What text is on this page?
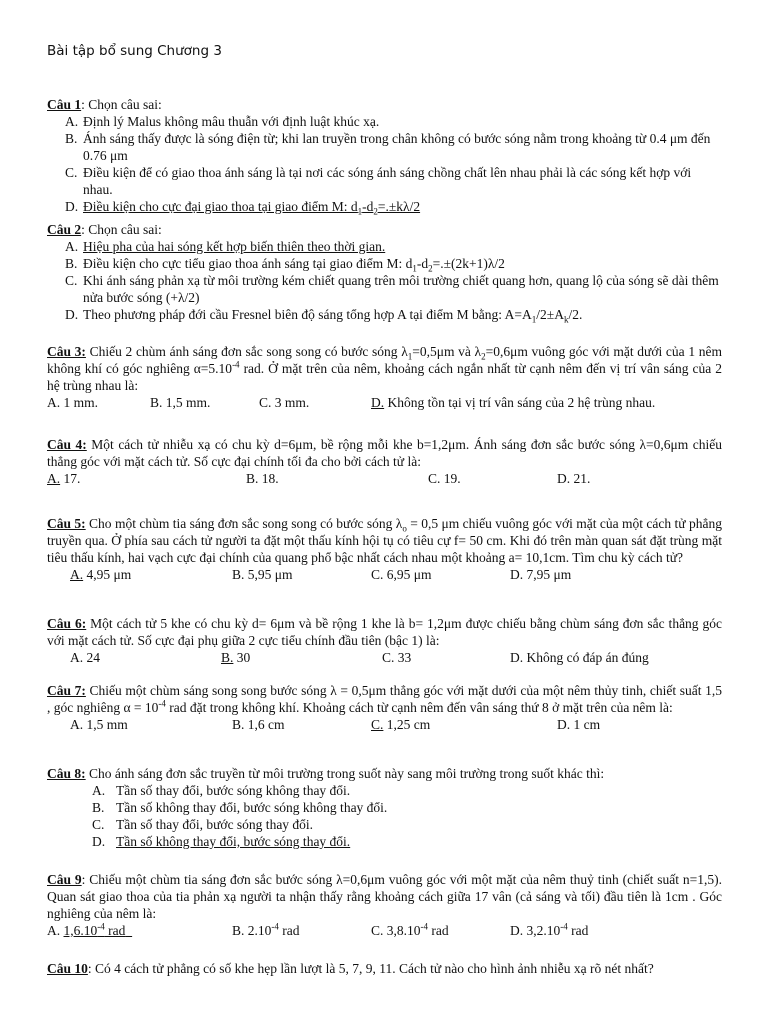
Bài tập bổ sung Chương 3
Câu 1: Chọn câu sai:
A. Định lý Malus không mâu thuẫn với định luật khúc xạ.
B. Ánh sáng thấy được là sóng điện từ; khi lan truyền trong chân không có bước sóng nằm trong khoảng từ 0.4 μm đến 0.76 μm
C. Điều kiện để có giao thoa ánh sáng là tại nơi các sóng ánh sáng chồng chất lên nhau phải là các sóng kết hợp với nhau.
D. Điều kiện cho cực đại giao thoa tại giao điểm M: $d_1-d_2=.\pm k\lambda/2$
Câu 2: Chọn câu sai:
A. Hiệu pha của hai sóng kết hợp biến thiên theo thời gian.
B. Điều kiện cho cực tiểu giao thoa ánh sáng tại giao điểm M: $d_1-d_2=.\pm(2k+1)\lambda/2$
C. Khi ánh sáng phản xạ từ môi trường kém chiết quang trên môi trường chiết quang hơn, quang lộ của sóng sẽ dài thêm nửa bước sóng (+λ/2)
D. Theo phương pháp đới cầu Fresnel biên độ sáng tổng hợp A tại điểm M bằng: $A=A_1/2\pm A_k/2$.
Câu 3: Chiếu 2 chùm ánh sáng đơn sắc song song có bước sóng $\lambda_1=0,5\mu m$ và $\lambda_2=0,6\mu m$ vuông góc với mặt dưới của 1 nêm không khí có góc nghiêng $\alpha=5.10^{-4}$ rad. Ở mặt trên của nêm, khoảng cách ngắn nhất từ cạnh nêm đến vị trí vân sáng của 2 hệ trùng nhau là:
A. 1 mm.	B. 1,5 mm.	C. 3 mm.	D. Không tồn tại vị trí vân sáng của 2 hệ trùng nhau.
Câu 4: Một cách tử nhiễu xạ có chu kỳ d=6μm, bề rộng mỗi khe b=1,2μm. Ánh sáng đơn sắc bước sóng λ=0,6μm chiếu thẳng góc với mặt cách tử. Số cực đại chính tối đa cho bởi cách tử là:
A. 17.	B. 18.	C. 19.	D. 21.
Câu 5: Cho một chùm tia sáng đơn sắc song song có bước sóng $\lambda_o = 0,5$ μm chiếu vuông góc với mặt của một cách tử phẳng truyền qua. Ở phía sau cách tử người ta đặt một thấu kính hội tụ có tiêu cự f= 50 cm. Khi đó trên màn quan sát đặt trùng mặt tiêu thấu kính, hai vạch cực đại chính của quang phổ bậc nhất cách nhau một khoảng a= 10,1cm. Tìm chu kỳ cách tử?
A. 4,95 μm	B. 5,95 μm	C. 6,95 μm	D. 7,95 μm
Câu 6: Một cách tử 5 khe có chu kỳ d= 6μm và bề rộng 1 khe là b= 1,2μm được chiếu bằng chùm sáng đơn sắc thẳng góc với mặt cách tử. Số cực đại phụ giữa 2 cực tiểu chính đầu tiên (bậc 1) là:
A. 24	B. 30	C. 33	D. Không có đáp án đúng
Câu 7: Chiếu một chùm sáng song song bước sóng λ = 0,5μm thẳng góc với mặt dưới của một nêm thủy tinh, chiết suất 1,5 , góc nghiêng $\alpha = 10^{-4}$ rad đặt trong không khí. Khoảng cách từ cạnh nêm đến vân sáng thứ 8 ở mặt trên của nêm là:
A. 1,5 mm	B. 1,6 cm	C. 1,25 cm	D. 1 cm
Câu 8: Cho ánh sáng đơn sắc truyền từ môi trường trong suốt này sang môi trường trong suốt khác thì:
A. Tần số thay đổi, bước sóng không thay đổi.
B. Tần số không thay đổi, bước sóng không thay đổi.
C. Tần số thay đổi, bước sóng thay đổi.
D. Tần số không thay đổi, bước sóng thay đổi.
Câu 9: Chiếu một chùm tia sáng đơn sắc bước sóng λ=0,6μm vuông góc với một mặt của nêm thuỷ tinh (chiết suất n=1,5). Quan sát giao thoa của tia phản xạ người ta nhận thấy rằng khoảng cách giữa 17 vân (cả sáng và tối) đầu tiên là 1cm . Góc nghiêng của nêm là:
A. $1,6.10^{-4}$ rad	B. $2.10^{-4}$ rad	C. $3,8.10^{-4}$ rad	D. $3,2.10^{-4}$ rad
Câu 10: Có 4 cách tử phẳng có số khe hẹp lần lượt là 5, 7, 9, 11. Cách tử nào cho hình ảnh nhiễu xạ rõ nét nhất?
